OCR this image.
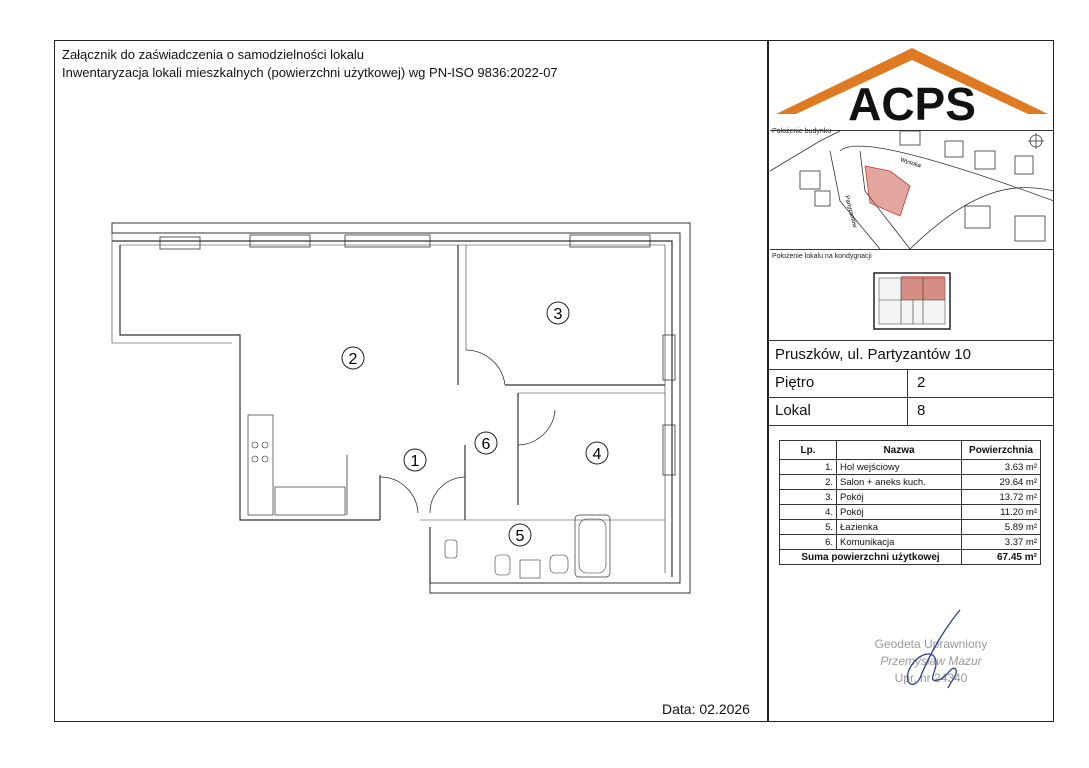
Załącznik do zaświadczenia o samodzielności lokalu
Inwentaryzacja lokali mieszkalnych (powierzchni użytkowej) wg PN-ISO 9836:2022-07
1
2
3
4
5
6
ACPS
Położenie budynku
Wysoka
Partyzantów
Położenie lokalu na kondygnacji
Pruszków, ul. Partyzantów 10
Piętro	2
Lokal	8
Lp.	Nazwa	Powierzchnia
1.	Hol wejściowy	3.63 m²
2.	Salon + aneks kuch.	29.64 m²
3.	Pokój	13.72 m²
4.	Pokój	11.20 m²
5.	Łazienka	5.89 m²
6.	Komunikacja	3.37 m²
Suma powierzchni użytkowej		67.45 m²
Geodeta Uprawniony
Przemysław Mazur
Upr. nr 24340
Data: 02.2026
